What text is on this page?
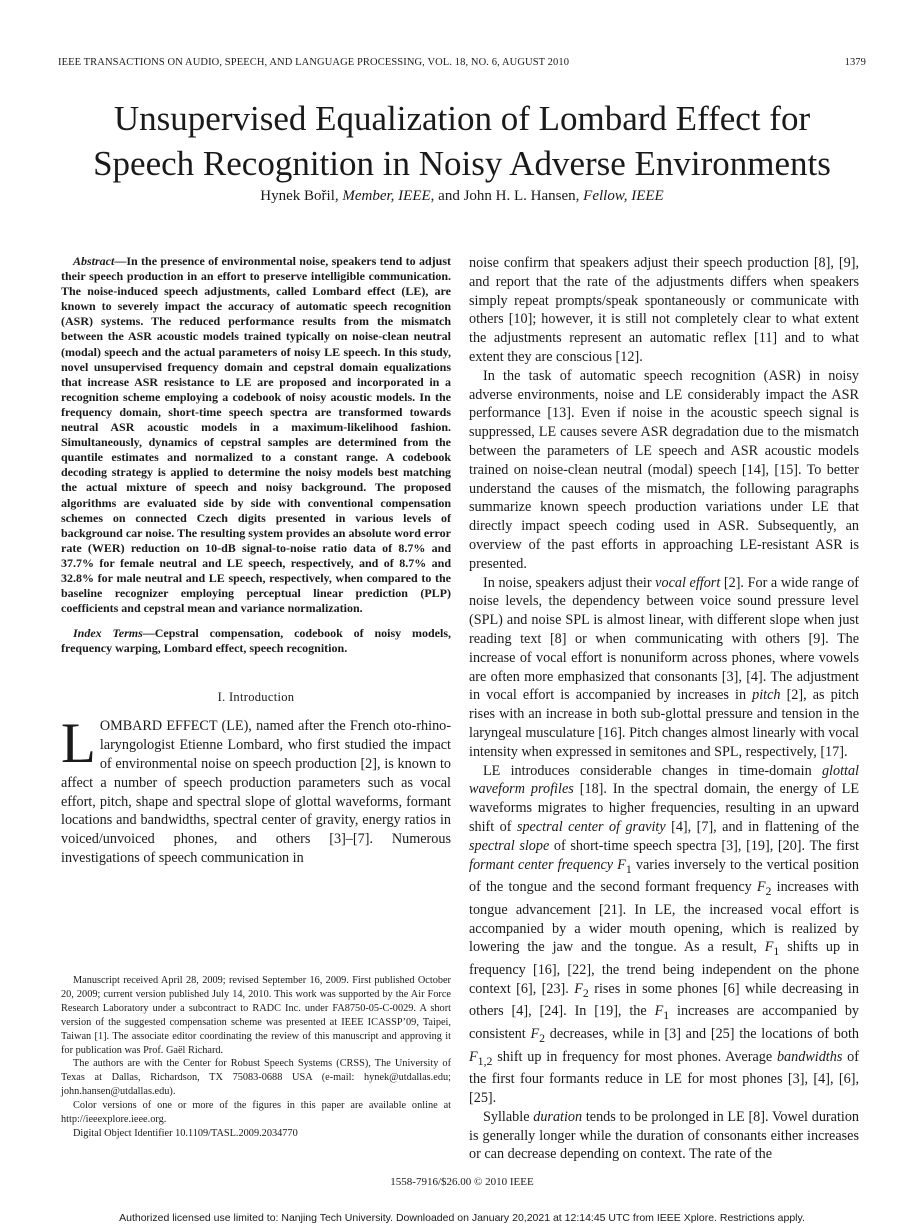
IEEE TRANSACTIONS ON AUDIO, SPEECH, AND LANGUAGE PROCESSING, VOL. 18, NO. 6, AUGUST 2010	1379
Unsupervised Equalization of Lombard Effect for
Speech Recognition in Noisy Adverse Environments
Hynek Bořil, Member, IEEE, and John H. L. Hansen, Fellow, IEEE

Abstract—In the presence of environmental noise, speakers tend to adjust their speech production in an effort to preserve intelligible communication. The noise-induced speech adjustments, called Lombard effect (LE), are known to severely impact the accuracy of automatic speech recognition (ASR) systems. The reduced performance results from the mismatch between the ASR acoustic models trained typically on noise-clean neutral (modal) speech and the actual parameters of noisy LE speech. In this study, novel unsupervised frequency domain and cepstral domain equalizations that increase ASR resistance to LE are proposed and incorporated in a recognition scheme employing a codebook of noisy acoustic models. In the frequency domain, short-time speech spectra are transformed towards neutral ASR acoustic models in a maximum-likelihood fashion. Simultaneously, dynamics of cepstral samples are determined from the quantile estimates and normalized to a constant range. A codebook decoding strategy is applied to determine the noisy models best matching the actual mixture of speech and noisy background. The proposed algorithms are evaluated side by side with conventional compensation schemes on connected Czech digits presented in various levels of background car noise. The resulting system provides an absolute word error rate (WER) reduction on 10-dB signal-to-noise ratio data of 8.7% and 37.7% for female neutral and LE speech, respectively, and of 8.7% and 32.8% for male neutral and LE speech, respectively, when compared to the baseline recognizer employing perceptual linear prediction (PLP) coefficients and cepstral mean and variance normalization.

Index Terms—Cepstral compensation, codebook of noisy models, frequency warping, Lombard effect, speech recognition.

I. Introduction

LOMBARD EFFECT (LE), named after the French oto-rhino-laryngologist Etienne Lombard, who first studied the impact of environmental noise on speech production [2], is known to affect a number of speech production parameters such as vocal effort, pitch, shape and spectral slope of glottal waveforms, formant locations and bandwidths, spectral center of gravity, energy ratios in voiced/unvoiced phones, and others [3]–[7]. Numerous investigations of speech communication in

Manuscript received April 28, 2009; revised September 16, 2009. First published October 20, 2009; current version published July 14, 2010. This work was supported by the Air Force Research Laboratory under a subcontract to RADC Inc. under FA8750-05-C-0029. A short version of the suggested compensation scheme was presented at IEEE ICASSP’09, Taipei, Taiwan [1]. The associate editor coordinating the review of this manuscript and approving it for publication was Prof. Gaël Richard.

The authors are with the Center for Robust Speech Systems (CRSS), The University of Texas at Dallas, Richardson, TX 75083-0688 USA (e-mail: hynek@utdallas.edu; john.hansen@utdallas.edu).

Color versions of one or more of the figures in this paper are available online at http://ieeexplore.ieee.org.

Digital Object Identifier 10.1109/TASL.2009.2034770

noise confirm that speakers adjust their speech production [8], [9], and report that the rate of the adjustments differs when speakers simply repeat prompts/speak spontaneously or communicate with others [10]; however, it is still not completely clear to what extent the adjustments represent an automatic reflex [11] and to what extent they are conscious [12].

In the task of automatic speech recognition (ASR) in noisy adverse environments, noise and LE considerably impact the ASR performance [13]. Even if noise in the acoustic speech signal is suppressed, LE causes severe ASR degradation due to the mismatch between the parameters of LE speech and ASR acoustic models trained on noise-clean neutral (modal) speech [14], [15]. To better understand the causes of the mismatch, the following paragraphs summarize known speech production variations under LE that directly impact speech coding used in ASR. Subsequently, an overview of the past efforts in approaching LE-resistant ASR is presented.

In noise, speakers adjust their vocal effort [2]. For a wide range of noise levels, the dependency between voice sound pressure level (SPL) and noise SPL is almost linear, with different slope when just reading text [8] or when communicating with others [9]. The increase of vocal effort is nonuniform across phones, where vowels are often more emphasized that consonants [3], [4]. The adjustment in vocal effort is accompanied by increases in pitch [2], as pitch rises with an increase in both sub-glottal pressure and tension in the laryngeal musculature [16]. Pitch changes almost linearly with vocal intensity when expressed in semitones and SPL, respectively, [17].

LE introduces considerable changes in time-domain glottal waveform profiles [18]. In the spectral domain, the energy of LE waveforms migrates to higher frequencies, resulting in an upward shift of spectral center of gravity [4], [7], and in flattening of the spectral slope of short-time speech spectra [3], [19], [20]. The first formant center frequency $F_1$ varies inversely to the vertical position of the tongue and the second formant frequency $F_2$ increases with tongue advancement [21]. In LE, the increased vocal effort is accompanied by a wider mouth opening, which is realized by lowering the jaw and the tongue. As a result, $F_1$ shifts up in frequency [16], [22], the trend being independent on the phone context [6], [23]. $F_2$ rises in some phones [6] while decreasing in others [4], [24]. In [19], the $F_1$ increases are accompanied by consistent $F_2$ decreases, while in [3] and [25] the locations of both $F_{1,2}$ shift up in frequency for most phones. Average bandwidths of the first four formants reduce in LE for most phones [3], [4], [6], [25].

Syllable duration tends to be prolonged in LE [8]. Vowel duration is generally longer while the duration of consonants either increases or can decrease depending on context. The rate of the

1558-7916/$26.00 © 2010 IEEE
Authorized licensed use limited to: Nanjing Tech University. Downloaded on January 20,2021 at 12:14:45 UTC from IEEE Xplore. Restrictions apply.
